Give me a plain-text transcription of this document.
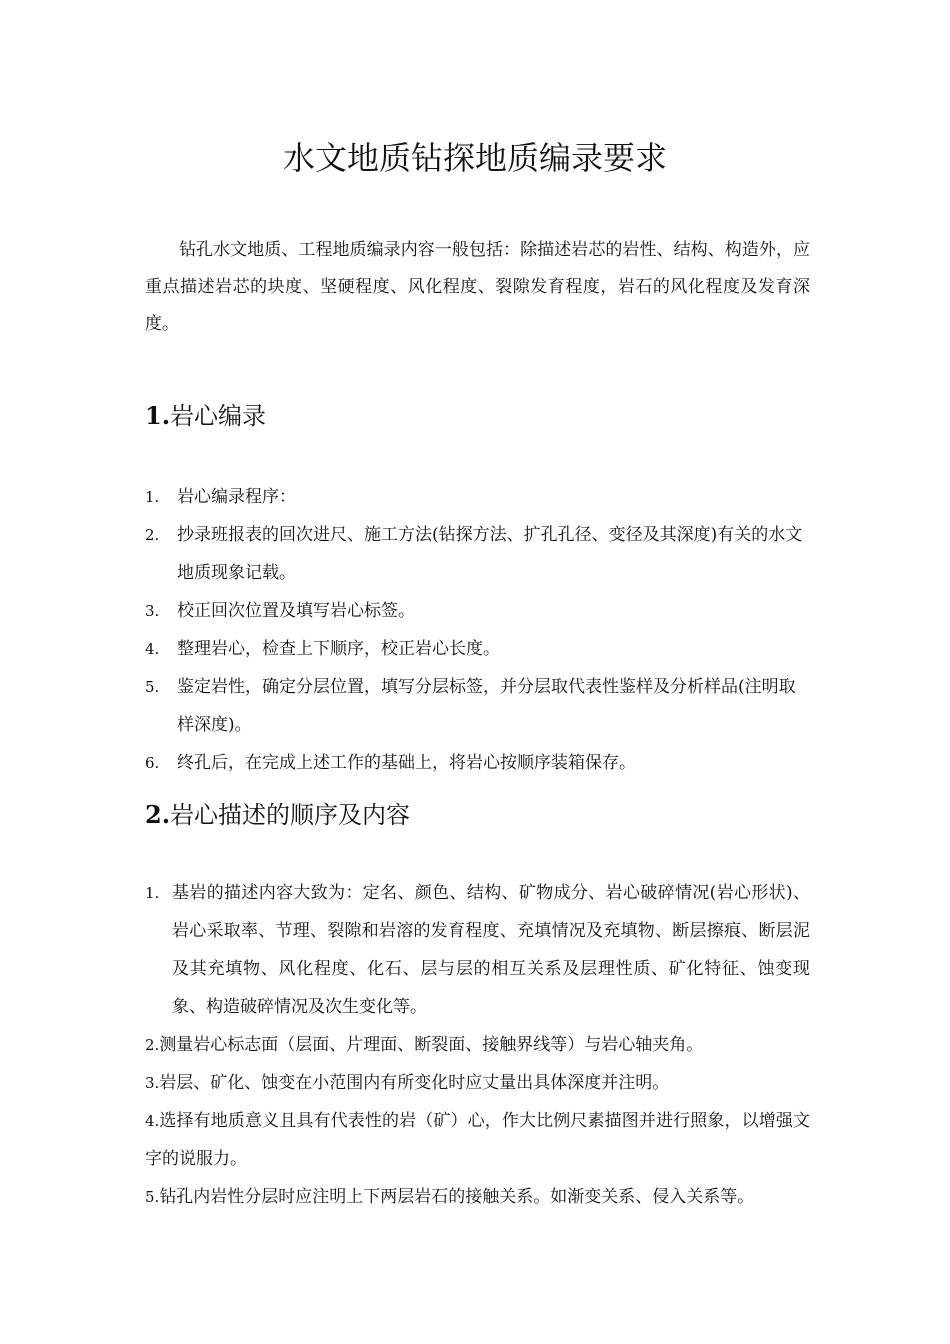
水文地质钻探地质编录要求
钻孔水文地质、工程地质编录内容一般包括：除描述岩芯的岩性、结构、构造外，应重点描述岩芯的块度、坚硬程度、风化程度、裂隙发育程度，岩石的风化程度及发育深度。
1.岩心编录
1.	岩心编录程序：
2.	抄录班报表的回次进尺、施工方法(钻探方法、扩孔孔径、变径及其深度)有关的水文地质现象记载。
3.	校正回次位置及填写岩心标签。
4.	整理岩心，检查上下顺序，校正岩心长度。
5.	鉴定岩性，确定分层位置，填写分层标签，并分层取代表性鉴样及分析样品(注明取样深度)。
6.	终孔后，在完成上述工作的基础上，将岩心按顺序装箱保存。
2.岩心描述的顺序及内容
1. 基岩的描述内容大致为：定名、颜色、结构、矿物成分、岩心破碎情况(岩心形状)、岩心采取率、节理、裂隙和岩溶的发育程度、充填情况及充填物、断层擦痕、断层泥及其充填物、风化程度、化石、层与层的相互关系及层理性质、矿化特征、蚀变现象、构造破碎情况及次生变化等。
2.测量岩心标志面（层面、片理面、断裂面、接触界线等）与岩心轴夹角。
3.岩层、矿化、蚀变在小范围内有所变化时应丈量出具体深度并注明。
4.选择有地质意义且具有代表性的岩（矿）心，作大比例尺素描图并进行照象，以增强文字的说服力。
5.钻孔内岩性分层时应注明上下两层岩石的接触关系。如渐变关系、侵入关系等。
